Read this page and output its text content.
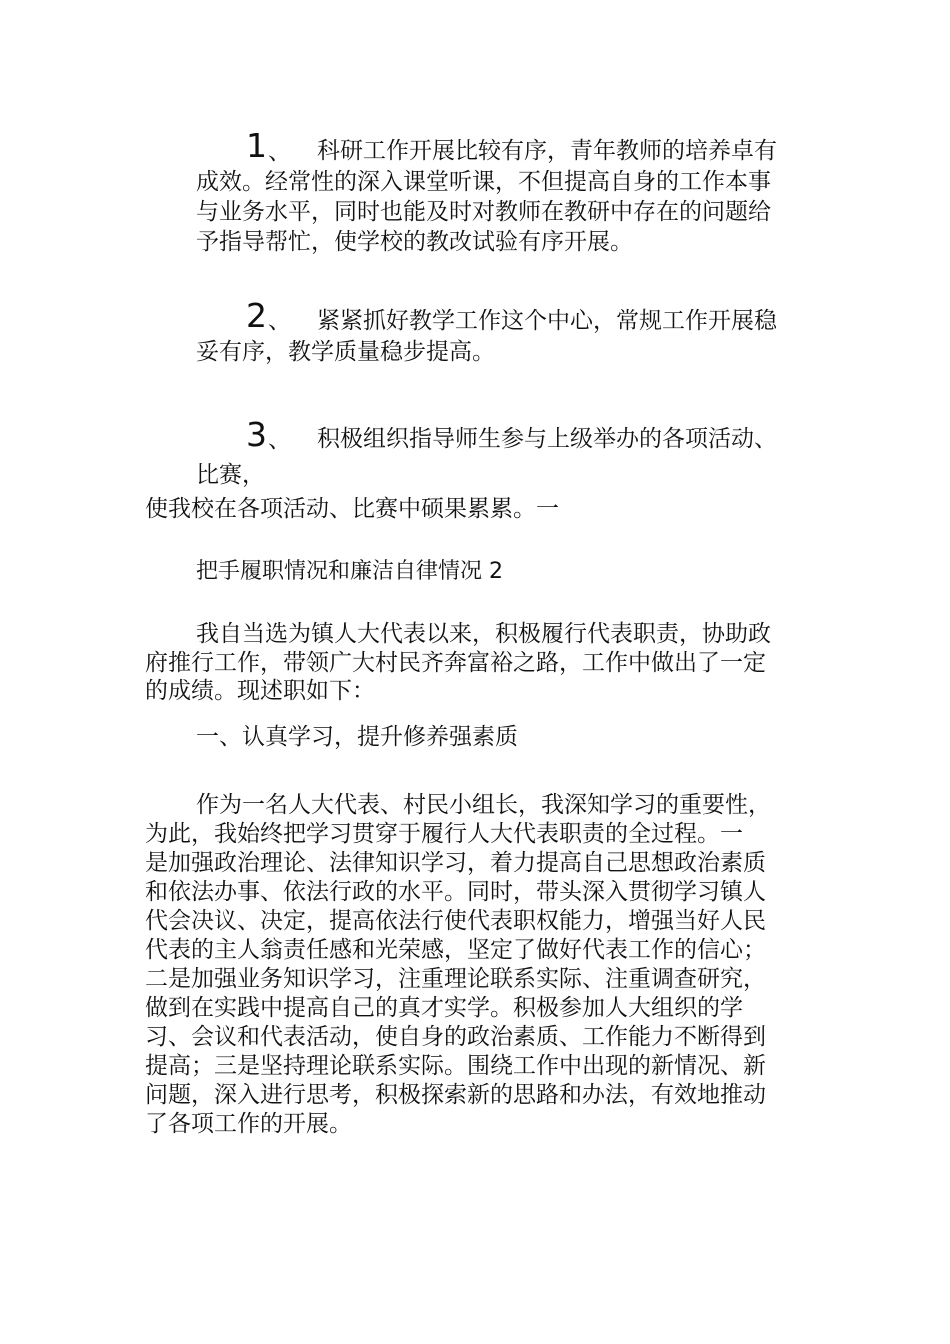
1 、 科研工作开展比较有序，青年教师的培养卓有
成效。经常性的深入课堂听课，不但提高自身的工作本事
与业务水平，同时也能及时对教师在教研中存在的问题给
予指导帮忙，使学校的教改试验有序开展。
2 、 紧紧抓好教学工作这个中心，常规工作开展稳
妥有序，教学质量稳步提高。
3 、 积极组织指导师生参与上级举办的各项活动、
比赛，
使我校在各项活动、比赛中硕果累累。一
把手履职情况和廉洁自律情况 2
我自当选为镇人大代表以来，积极履行代表职责，协助政
府推行工作，带领广大村民齐奔富裕之路，工作中做出了一定
的成绩。现述职如下：
一、认真学习，提升修养强素质
作为一名人大代表、村民小组长，我深知学习的重要性，
为此，我始终把学习贯穿于履行人大代表职责的全过程。一
是加强政治理论、法律知识学习，着力提高自己思想政治素质
和依法办事、依法行政的水平。同时，带头深入贯彻学习镇人
代会决议、决定，提高依法行使代表职权能力，增强当好人民
代表的主人翁责任感和光荣感，坚定了做好代表工作的信心；
二是加强业务知识学习，注重理论联系实际、注重调查研究，
做到在实践中提高自己的真才实学。积极参加人大组织的学
习、会议和代表活动，使自身的政治素质、工作能力不断得到
提高；三是坚持理论联系实际。围绕工作中出现的新情况、新
问题，深入进行思考，积极探索新的思路和办法，有效地推动
了各项工作的开展。
